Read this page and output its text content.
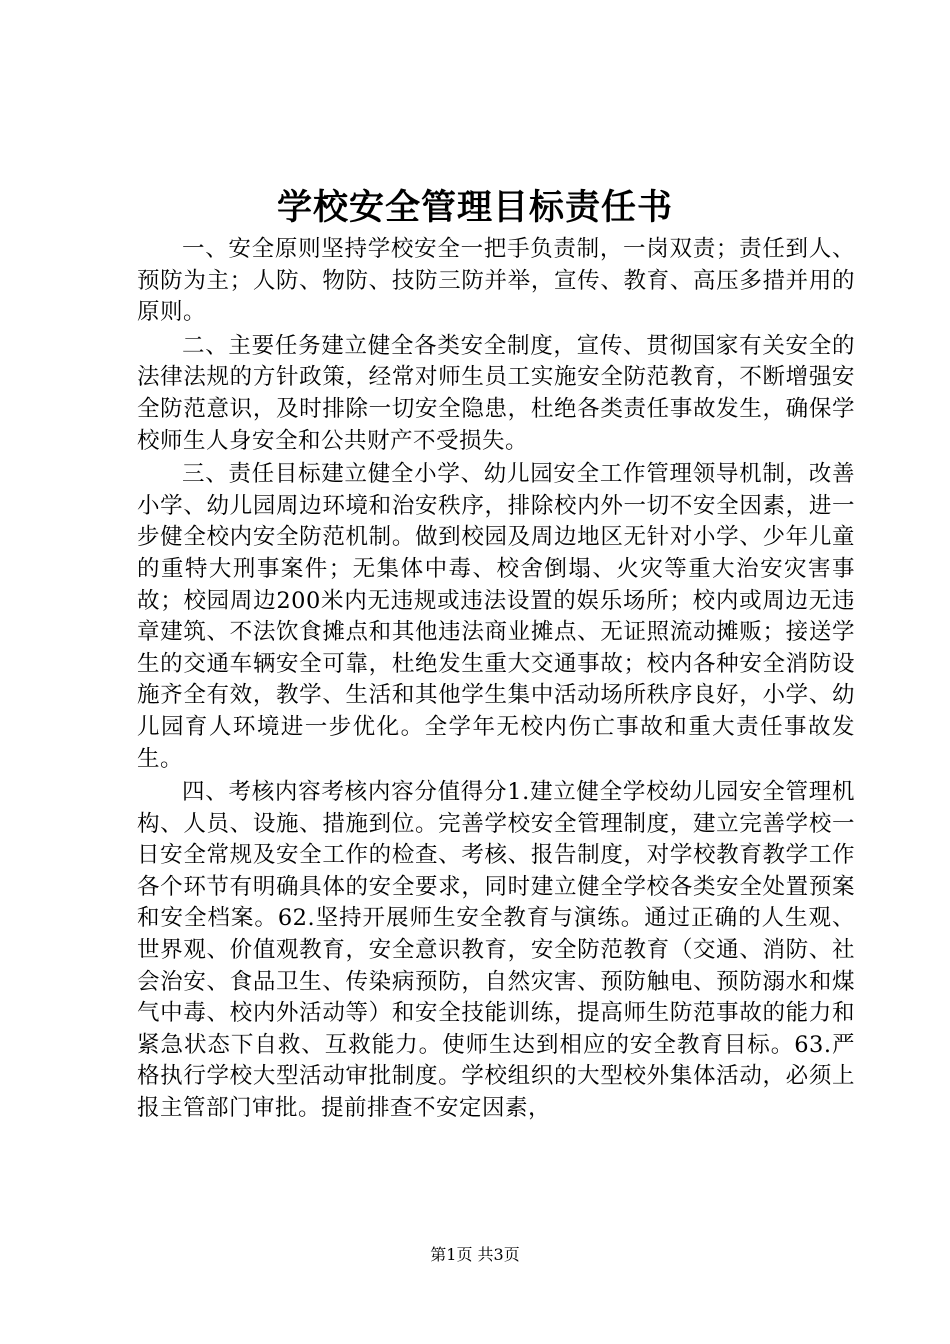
学校安全管理目标责任书

一、安全原则坚持学校安全一把手负责制，一岗双责；责任到人、预防为主；人防、物防、技防三防并举，宣传、教育、高压多措并用的原则。

二、主要任务建立健全各类安全制度，宣传、贯彻国家有关安全的法律法规的方针政策，经常对师生员工实施安全防范教育，不断增强安全防范意识，及时排除一切安全隐患，杜绝各类责任事故发生，确保学校师生人身安全和公共财产不受损失。

三、责任目标建立健全小学、幼儿园安全工作管理领导机制，改善小学、幼儿园周边环境和治安秩序，排除校内外一切不安全因素，进一步健全校内安全防范机制。做到校园及周边地区无针对小学、少年儿童的重特大刑事案件；无集体中毒、校舍倒塌、火灾等重大治安灾害事故；校园周边200米内无违规或违法设置的娱乐场所；校内或周边无违章建筑、不法饮食摊点和其他违法商业摊点、无证照流动摊贩；接送学生的交通车辆安全可靠，杜绝发生重大交通事故；校内各种安全消防设施齐全有效，教学、生活和其他学生集中活动场所秩序良好，小学、幼儿园育人环境进一步优化。全学年无校内伤亡事故和重大责任事故发生。

四、考核内容考核内容分值得分1.建立健全学校幼儿园安全管理机构、人员、设施、措施到位。完善学校安全管理制度，建立完善学校一日安全常规及安全工作的检查、考核、报告制度，对学校教育教学工作各个环节有明确具体的安全要求，同时建立健全学校各类安全处置预案和安全档案。62.坚持开展师生安全教育与演练。通过正确的人生观、世界观、价值观教育，安全意识教育，安全防范教育（交通、消防、社会治安、食品卫生、传染病预防，自然灾害、预防触电、预防溺水和煤气中毒、校内外活动等）和安全技能训练，提高师生防范事故的能力和紧急状态下自救、互救能力。使师生达到相应的安全教育目标。63.严格执行学校大型活动审批制度。学校组织的大型校外集体活动，必须上报主管部门审批。提前排查不安定因素，

第1页 共3页
